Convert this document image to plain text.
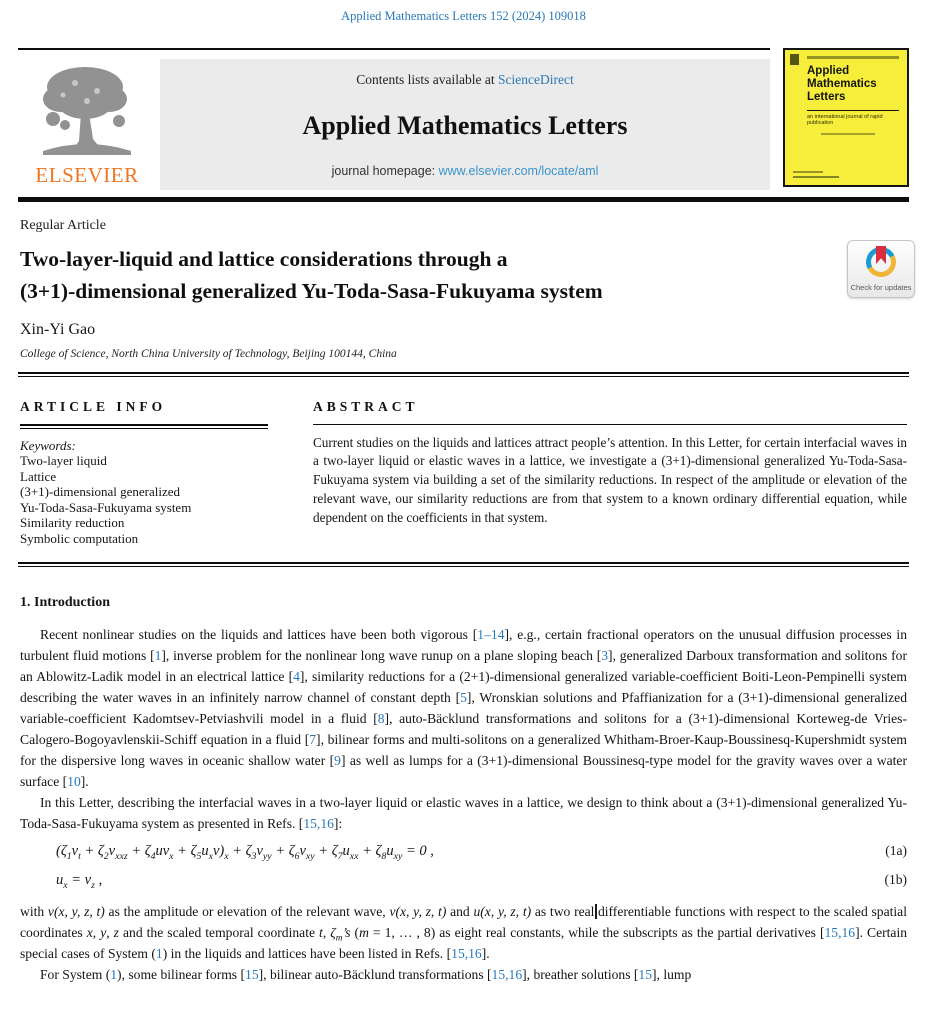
Applied Mathematics Letters 152 (2024) 109018
ELSEVIER
Contents lists available at ScienceDirect
Applied Mathematics Letters
journal homepage: www.elsevier.com/locate/aml
Applied
Mathematics
Letters
an international journal of rapid publication
Regular Article
Two-layer-liquid and lattice considerations through a
(3+1)-dimensional generalized Yu-Toda-Sasa-Fukuyama system
Xin-Yi Gao
College of Science, North China University of Technology, Beijing 100144, China
Check for updates
ARTICLE INFO
Keywords:
Two-layer liquid
Lattice
(3+1)-dimensional generalized
Yu-Toda-Sasa-Fukuyama system
Similarity reduction
Symbolic computation
ABSTRACT
Current studies on the liquids and lattices attract people’s attention. In this Letter, for certain interfacial waves in a two-layer liquid or elastic waves in a lattice, we investigate a (3+1)-dimensional generalized Yu-Toda-Sasa-Fukuyama system via building a set of the similarity reductions. In respect of the amplitude or elevation of the relevant wave, our similarity reductions are from that system to a known ordinary differential equation, while dependent on the coefficients in that system.
1. Introduction

Recent nonlinear studies on the liquids and lattices have been both vigorous [1–14], e.g., certain fractional operators on the unusual diffusion processes in turbulent fluid motions [1], inverse problem for the nonlinear long wave runup on a plane sloping beach [3], generalized Darboux transformation and solitons for an Ablowitz-Ladik model in an electrical lattice [4], similarity reductions for a (2+1)-dimensional generalized variable-coefficient Boiti-Leon-Pempinelli system describing the water waves in an infinitely narrow channel of constant depth [5], Wronskian solutions and Pfaffianization for a (3+1)-dimensional generalized variable-coefficient Kadomtsev-Petviashvili model in a fluid [8], auto-Bäcklund transformations and solitons for a (3+1)-dimensional Korteweg-de Vries-Calogero-Bogoyavlenskii-Schiff equation in a fluid [7], bilinear forms and multi-solitons on a generalized Whitham-Broer-Kaup-Boussinesq-Kupershmidt system for the dispersive long waves in oceanic shallow water [9] as well as lumps for a (3+1)-dimensional Boussinesq-type model for the gravity waves over a water surface [10].

In this Letter, describing the interfacial waves in a two-layer liquid or elastic waves in a lattice, we design to think about a (3+1)-dimensional generalized Yu-Toda-Sasa-Fukuyama system as presented in Refs. [15,16]:

$(\zeta_1v_t + \zeta_2v_{xxz} + \zeta_4uv_x + \zeta_5u_xv)_x + \zeta_3v_{yy} + \zeta_6v_{xy} + \zeta_7u_{xx} + \zeta_8u_{xy} = 0$ ,	(1a)
$u_x = v_z$ ,	(1b)

with v(x, y, z, t) as the amplitude or elevation of the relevant wave, v(x, y, z, t) and u(x, y, z, t) as two real differentiable functions with respect to the scaled spatial coordinates x, y, z and the scaled temporal coordinate t, $\zeta_m’s$ (m = 1, … , 8) as eight real constants, while the subscripts as the partial derivatives [15,16]. Certain special cases of System (1) in the liquids and lattices have been listed in Refs. [15,16].

For System (1), some bilinear forms [15], bilinear auto-Bäcklund transformations [15,16], breather solutions [15], lump
